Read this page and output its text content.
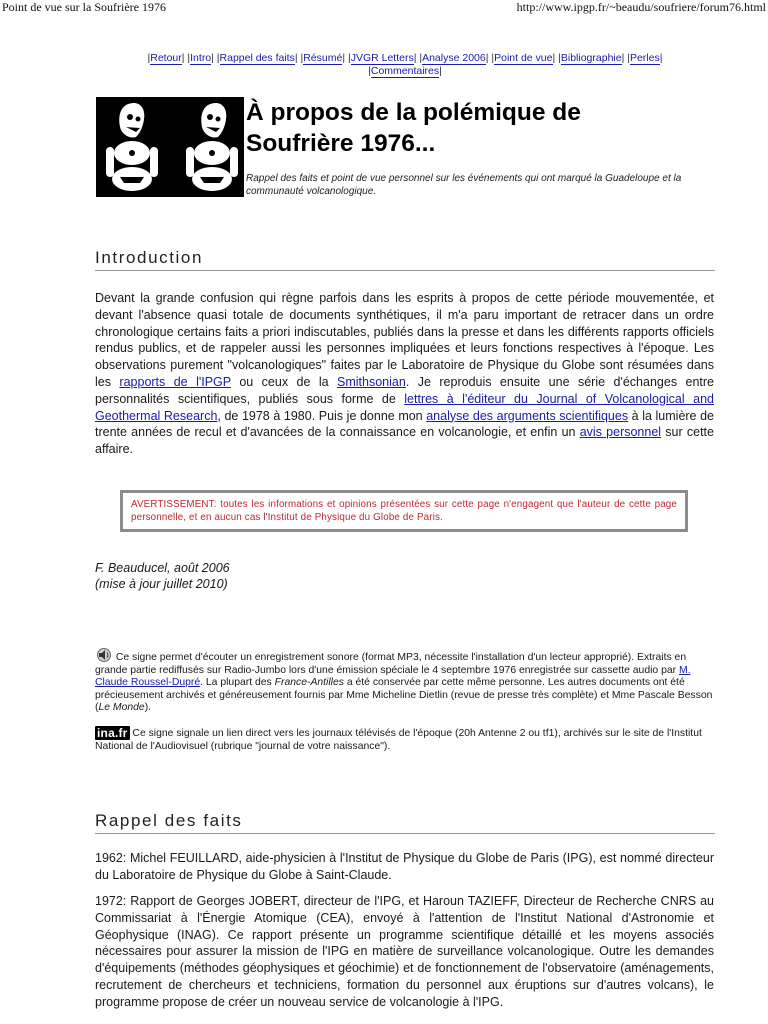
Point de vue sur la Soufrière 1976	http://www.ipgp.fr/~beaudu/soufriere/forum76.html
|Retour| |Intro| |Rappel des faits| |Résumé| |JVGR Letters| |Analyse 2006| |Point de vue| |Bibliographie| |Perles|
|Commentaires|
À propos de la polémique de
Soufrière 1976...

Rappel des faits et point de vue personnel sur les événements qui ont marqué la Guadeloupe et la communauté volcanologique.

Introduction

Devant la grande confusion qui règne parfois dans les esprits à propos de cette période mouvementée, et devant l'absence quasi totale de documents synthétiques, il m'a paru important de retracer dans un ordre chronologique certains faits a priori indiscutables, publiés dans la presse et dans les différents rapports officiels rendus publics, et de rappeler aussi les personnes impliquées et leurs fonctions respectives à l'époque. Les observations purement "volcanologiques" faites par le Laboratoire de Physique du Globe sont résumées dans les rapports de l'IPGP ou ceux de la Smithsonian. Je reproduis ensuite une série d'échanges entre personnalités scientifiques, publiés sous forme de lettres à l'éditeur du Journal of Volcanological and Geothermal Research, de 1978 à 1980. Puis je donne mon analyse des arguments scientifiques à la lumière de trente années de recul et d'avancées de la connaissance en volcanologie, et enfin un avis personnel sur cette affaire.

AVERTISSEMENT: toutes les informations et opinions présentées sur cette page n'engagent que l'auteur de cette page personnelle, et en aucun cas l'Institut de Physique du Globe de Paris.

F. Beauducel, août 2006
(mise à jour juillet 2010)

Ce signe permet d'écouter un enregistrement sonore (format MP3, nécessite l'installation d'un lecteur approprié). Extraits en grande partie rediffusés sur Radio-Jumbo lors d'une émission spéciale le 4 septembre 1976 enregistrée sur cassette audio par M. Claude Roussel-Dupré. La plupart des France-Antilles a été conservée par cette même personne. Les autres documents ont été précieusement archivés et généreusement fournis par Mme Micheline Dietlin (revue de presse très complète) et Mme Pascale Besson (Le Monde).

ina.fr Ce signe signale un lien direct vers les journaux télévisés de l'époque (20h Antenne 2 ou tf1), archivés sur le site de l'Institut National de l'Audiovisuel (rubrique "journal de votre naissance").

Rappel des faits

1962: Michel FEUILLARD, aide-physicien à l'Institut de Physique du Globe de Paris (IPG), est nommé directeur du Laboratoire de Physique du Globe à Saint-Claude.

1972: Rapport de Georges JOBERT, directeur de l'IPG, et Haroun TAZIEFF, Directeur de Recherche CNRS au Commissariat à l'Énergie Atomique (CEA), envoyé à l'attention de l'Institut National d'Astronomie et Géophysique (INAG). Ce rapport présente un programme scientifique détaillé et les moyens associés nécessaires pour assurer la mission de l'IPG en matière de surveillance volcanologique. Outre les demandes d'équipements (méthodes géophysiques et géochimie) et de fonctionnement de l'observatoire (aménagements, recrutement de chercheurs et techniciens, formation du personnel aux éruptions sur d'autres volcans), le programme propose de créer un nouveau service de volcanologie à l'IPG.
